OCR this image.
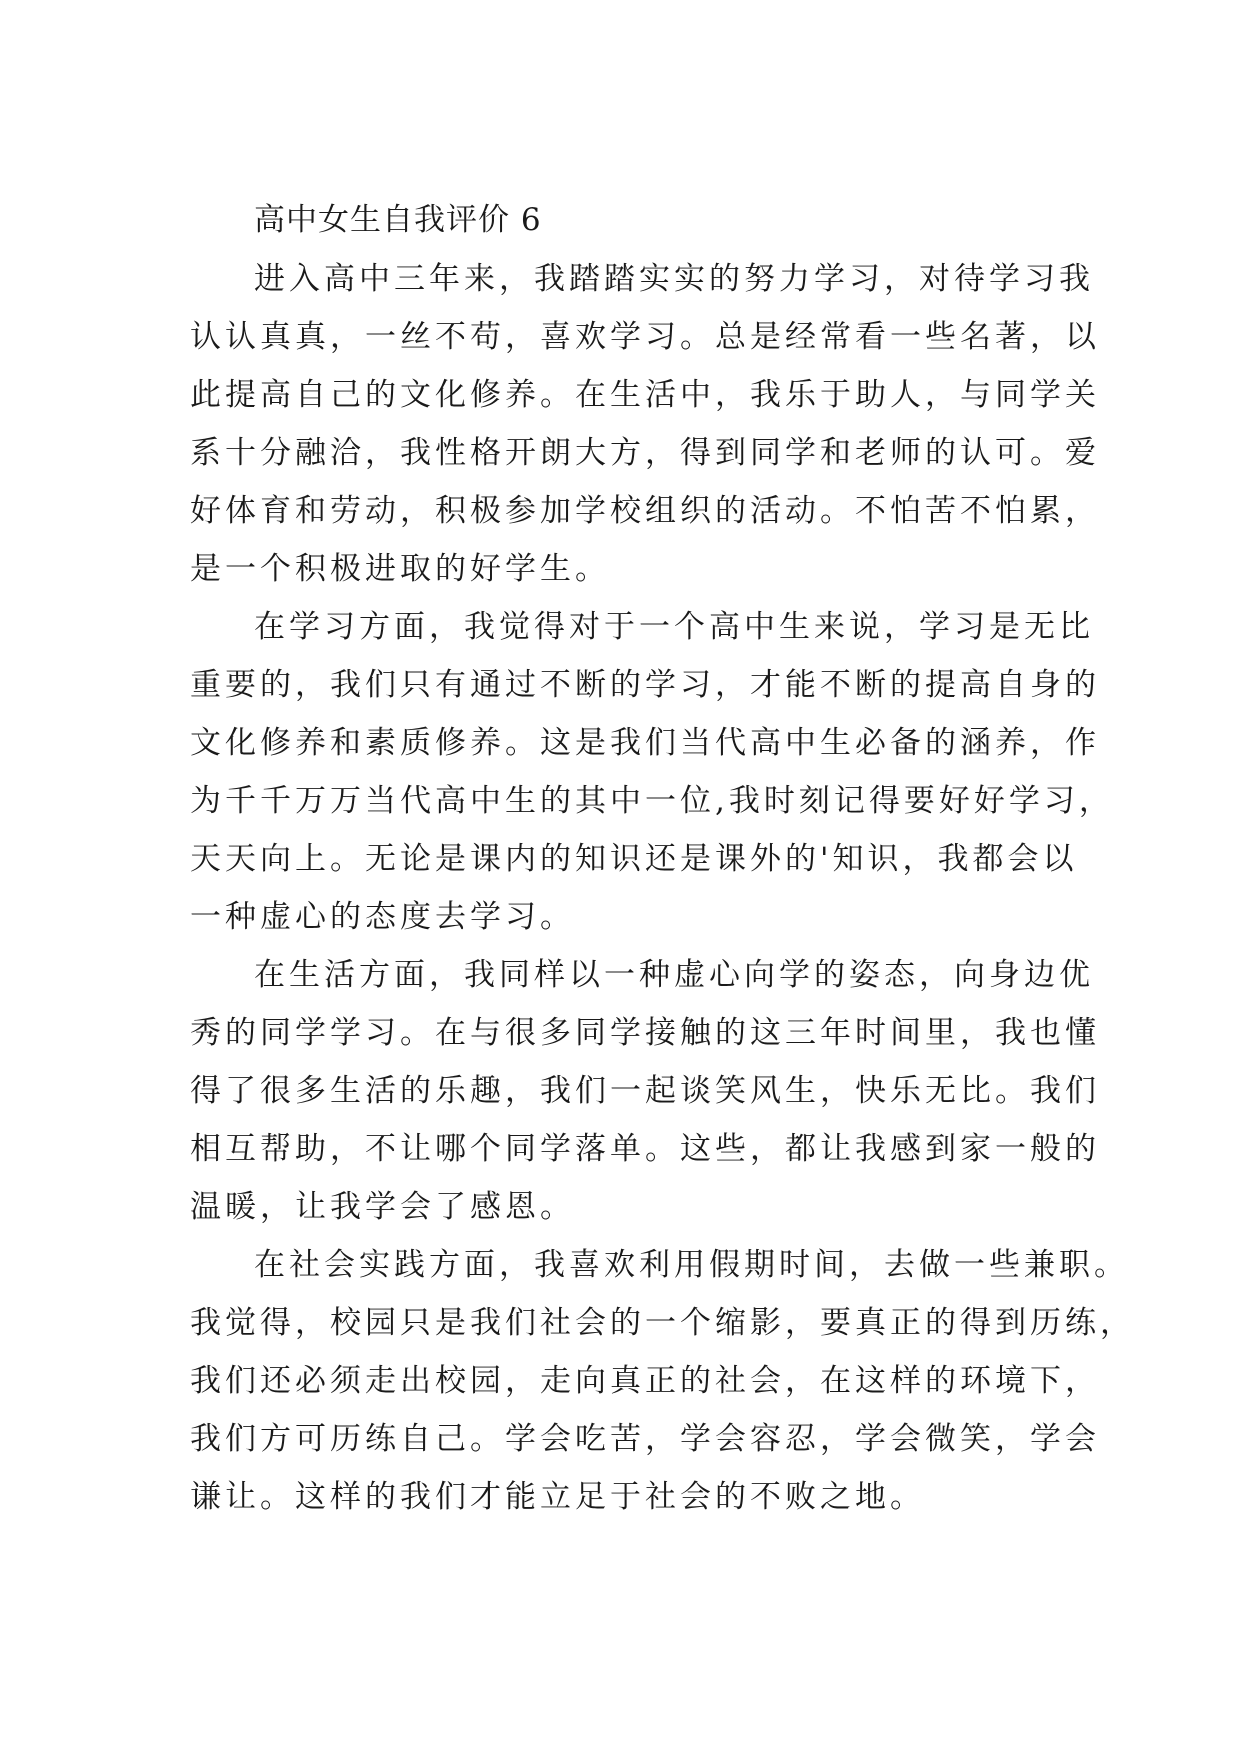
高中女生自我评价 6
进入高中三年来，我踏踏实实的努力学习，对待学习我
认认真真，一丝不苟，喜欢学习。总是经常看一些名著，以
此提高自己的文化修养。在生活中，我乐于助人，与同学关
系十分融洽，我性格开朗大方，得到同学和老师的认可。爱
好体育和劳动，积极参加学校组织的活动。不怕苦不怕累，
是一个积极进取的好学生。
在学习方面，我觉得对于一个高中生来说，学习是无比
重要的，我们只有通过不断的学习，才能不断的提高自身的
文化修养和素质修养。这是我们当代高中生必备的涵养，作
为千千万万当代高中生的其中一位,我时刻记得要好好学习，
天天向上。无论是课内的知识还是课外的'知识，我都会以
一种虚心的态度去学习。
在生活方面，我同样以一种虚心向学的姿态，向身边优
秀的同学学习。在与很多同学接触的这三年时间里，我也懂
得了很多生活的乐趣，我们一起谈笑风生，快乐无比。我们
相互帮助，不让哪个同学落单。这些，都让我感到家一般的
温暖，让我学会了感恩。
在社会实践方面，我喜欢利用假期时间，去做一些兼职。
我觉得，校园只是我们社会的一个缩影，要真正的得到历练，
我们还必须走出校园，走向真正的社会，在这样的环境下，
我们方可历练自己。学会吃苦，学会容忍，学会微笑，学会
谦让。这样的我们才能立足于社会的不败之地。
